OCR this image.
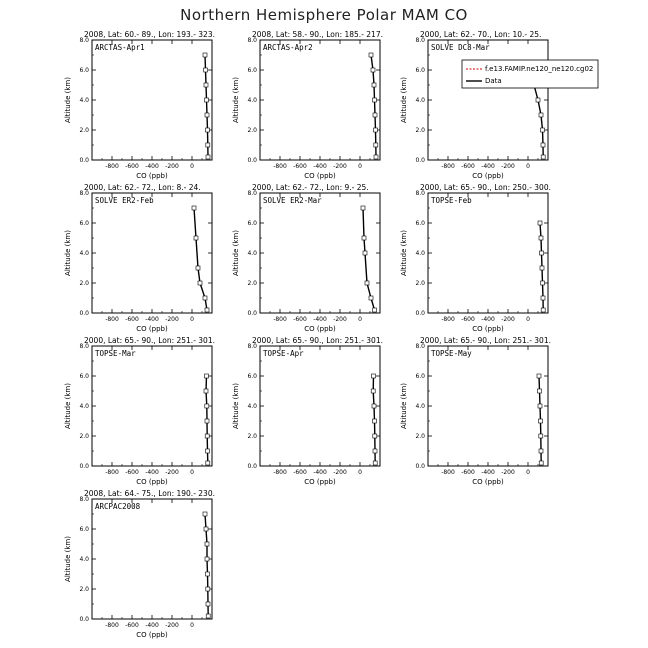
Northern Hemisphere Polar MAM CO
2008, Lat: 60.- 89., Lon: 193.- 323.
0.0
2.0
4.0
6.0
8.0
-800 -600 -400 -200 0
CO (ppb)
Altitude (km)
ARCTAS-Apr1
2008, Lat: 58.- 90., Lon: 185.- 217.
0.0
2.0
4.0
6.0
8.0
-800 -600 -400 -200 0
CO (ppb)
Altitude (km)
ARCTAS-Apr2
2000, Lat: 62.- 70., Lon: 10.- 25.
0.0
2.0
4.0
6.0
8.0
-800 -600 -400 -200 0
CO (ppb)
Altitude (km)
SOLVE DC8-Mar
f.e13.FAMIP.ne120_ne120.cg02
Data
2000, Lat: 62.- 72., Lon: 8.- 24.
0.0
2.0
4.0
6.0
8.0
-800 -600 -400 -200 0
CO (ppb)
Altitude (km)
SOLVE ER2-Feb
2000, Lat: 62.- 72., Lon: 9.- 25.
0.0
2.0
4.0
6.0
8.0
-800 -600 -400 -200 0
CO (ppb)
Altitude (km)
SOLVE ER2-Mar
2000, Lat: 65.- 90., Lon: 250.- 300.
0.0
2.0
4.0
6.0
8.0
-800 -600 -400 -200 0
CO (ppb)
Altitude (km)
TOPSE-Feb
2000, Lat: 65.- 90., Lon: 251.- 301.
0.0
2.0
4.0
6.0
8.0
-800 -600 -400 -200 0
CO (ppb)
Altitude (km)
TOPSE-Mar
2000, Lat: 65.- 90., Lon: 251.- 301.
0.0
2.0
4.0
6.0
8.0
-800 -600 -400 -200 0
CO (ppb)
Altitude (km)
TOPSE-Apr
2000, Lat: 65.- 90., Lon: 251.- 301.
0.0
2.0
4.0
6.0
8.0
-800 -600 -400 -200 0
CO (ppb)
Altitude (km)
TOPSE-May
2008, Lat: 64.- 75., Lon: 190.- 230.
0.0
2.0
4.0
6.0
8.0
-800 -600 -400 -200 0
CO (ppb)
Altitude (km)
ARCPAC2008
